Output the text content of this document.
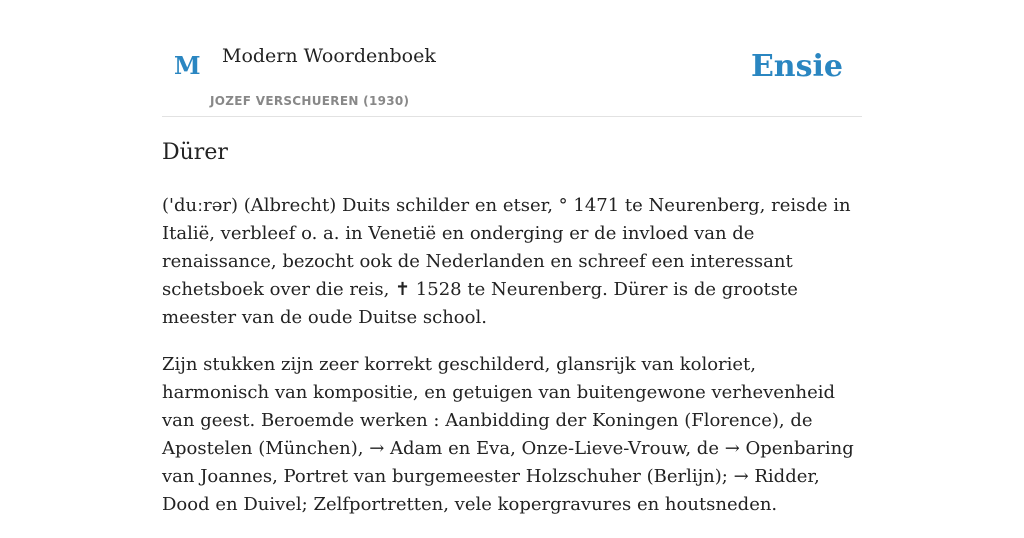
M Modern Woordenboek
JOZEF VERSCHUEREN (1930)
Ensie
Dürer

('duːrər) (Albrecht) Duits schilder en etser, ° 1471 te Neurenberg, reisde in Italië, verbleef o. a. in Venetië en onderging er de invloed van de renaissance, bezocht ook de Nederlanden en schreef een interessant schetsboek over die reis, ✝ 1528 te Neurenberg. Dürer is de grootste meester van de oude Duitse school.

Zijn stukken zijn zeer korrekt geschilderd, glansrijk van koloriet, harmonisch van kompositie, en getuigen van buitengewone verhevenheid van geest. Beroemde werken : Aanbidding der Koningen (Florence), de Apostelen (München), → Adam en Eva, Onze-Lieve-Vrouw, de → Openbaring van Joannes, Portret van burgemeester Holzschuher (Berlijn); → Ridder, Dood en Duivel; Zelfportretten, vele kopergravures en houtsneden.
